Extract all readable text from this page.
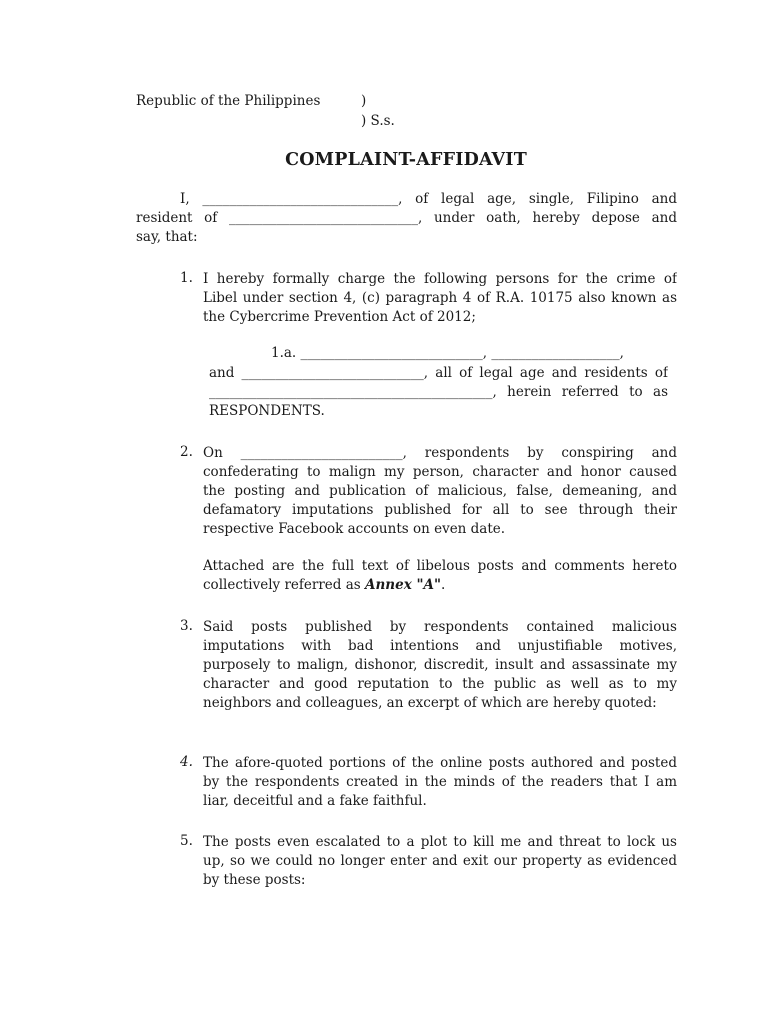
Republic of the Philippines	)
) S.s.
COMPLAINT-AFFIDAVIT
I, _____________________________, of legal age, single, Filipino and
resident of ____________________________, under oath, hereby depose and
say, that:
1. I hereby formally charge the following persons for the crime of
Libel under section 4, (c) paragraph 4 of R.A. 10175 also known as
the Cybercrime Prevention Act of 2012;
1.a. ___________________________, ___________________,
and ___________________________, all of legal age and residents of
__________________________________________, herein referred to as
RESPONDENTS.
2. On ________________________, respondents by conspiring and
confederating to malign my person, character and honor caused
the posting and publication of malicious, false, demeaning, and
defamatory imputations published for all to see through their
respective Facebook accounts on even date.
Attached are the full text of libelous posts and comments hereto
collectively referred as Annex "A".
3. Said posts published by respondents contained malicious
imputations with bad intentions and unjustifiable motives,
purposely to malign, dishonor, discredit, insult and assassinate my
character and good reputation to the public as well as to my
neighbors and colleagues, an excerpt of which are hereby quoted:
4. The afore-quoted portions of the online posts authored and posted
by the respondents created in the minds of the readers that I am
liar, deceitful and a fake faithful.
5. The posts even escalated to a plot to kill me and threat to lock us
up, so we could no longer enter and exit our property as evidenced
by these posts:
